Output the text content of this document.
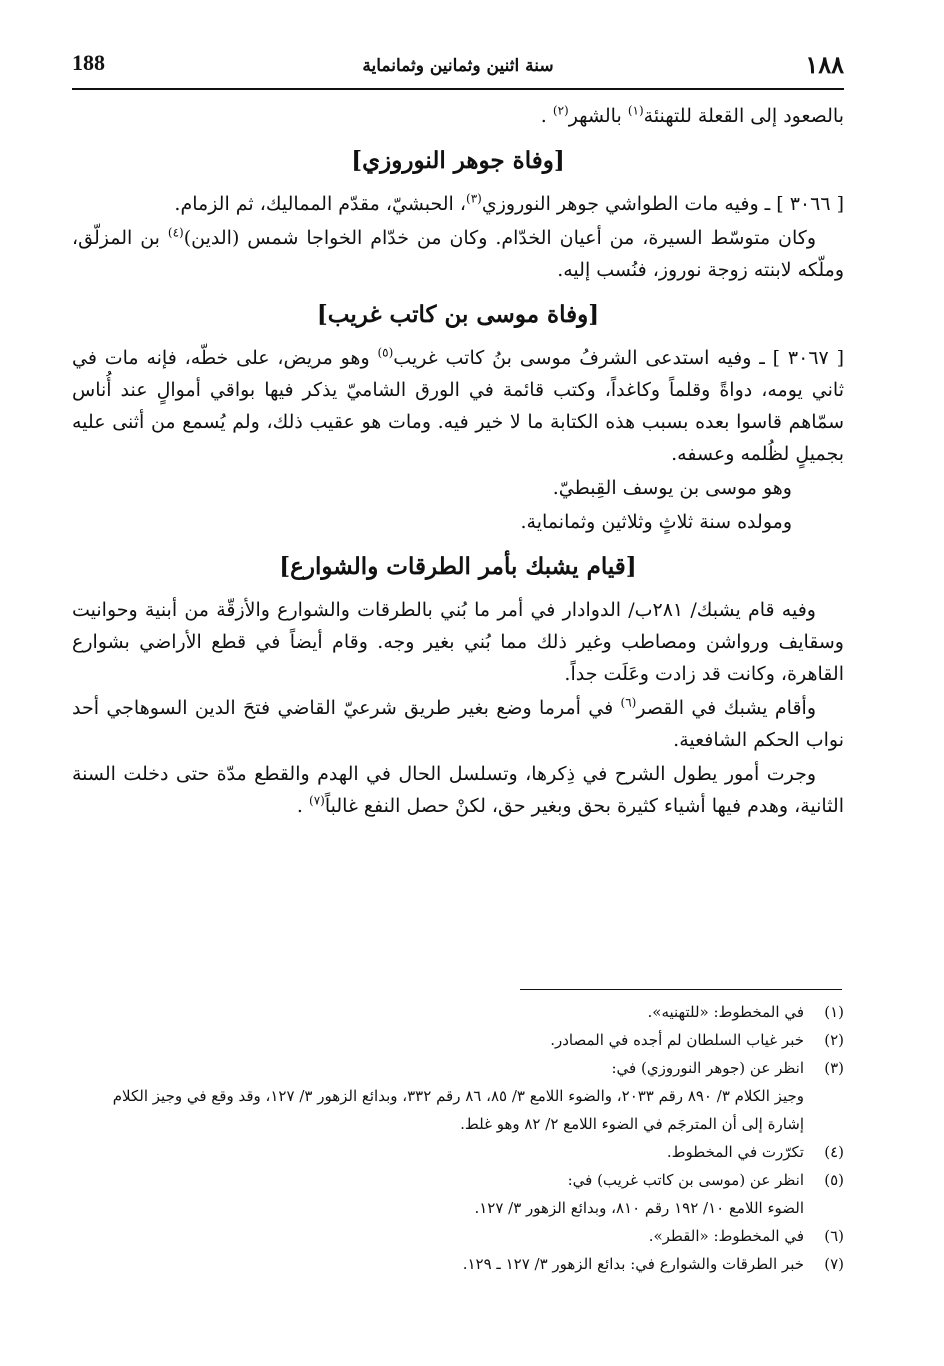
١٨٨
سنة اثنين وثمانين وثمانماية
188

بالصعود إلى القعلة للتهنئة$^{(١)}$ بالشهر$^{(٢)}$ .

[وفاة جوهر النوروزي]

[ ٣٠٦٦ ] ـ وفيه مات الطواشي جوهر النوروزي$^{(٣)}$، الحبشيّ، مقدّم المماليك، ثم الزمام.

وكان متوسّط السيرة، من أعيان الخدّام. وكان من خدّام الخواجا شمس (الدين)$^{(٤)}$ بن المزلّق، وملّكه لابنته زوجة نوروز، فنُسب إليه.

[وفاة موسى بن كاتب غريب]

[ ٣٠٦٧ ] ـ وفيه استدعى الشرفُ موسى بنُ كاتب غريب$^{(٥)}$ وهو مريض، على خطّه، فإنه مات في ثاني يومه، دواةً وقلماً وكاغداً، وكتب قائمة في الورق الشاميّ يذكر فيها بواقي أموالٍ عند أُناس سمّاهم قاسوا بعده بسبب هذه الكتابة ما لا خير فيه. ومات هو عقيب ذلك، ولم يُسمع من أثنى عليه بجميلٍ لظُلمه وعسفه.

وهو موسى بن يوسف القِبطيّ.

ومولده سنة ثلاثٍ وثلاثين وثمانماية.

[قيام يشبك بأمر الطرقات والشوارع]

وفيه قام يشبك/ ٢٨١ب/ الدوادار في أمر ما بُني بالطرقات والشوارع والأزقّة من أبنية وحوانيت وسقايف ورواشن ومصاطب وغير ذلك مما بُني بغير وجه. وقام أيضاً في قطع الأراضي بشوارع القاهرة، وكانت قد زادت وعَلَت جداً.

وأقام يشبك في القصر$^{(٦)}$ في أمرما وضع بغير طريق شرعيّ القاضي فتحَ الدين السوهاجي أحد نواب الحكم الشافعية.

وجرت أمور يطول الشرح في ذِكرها، وتسلسل الحال في الهدم والقطع مدّة حتى دخلت السنة الثانية، وهدم فيها أشياء كثيرة بحق وبغير حق، لكنْ حصل النفع غالباً$^{(٧)}$ .

(١)
في المخطوط: «للتهنيه».

(٢)
خبر غياب السلطان لم أجده في المصادر.

(٣)
انظر عن (جوهر النوروزي) في:
وجيز الكلام ٣/ ٨٩٠ رقم ٢٠٣٣، والضوء اللامع ٣/ ٨٥، ٨٦ رقم ٣٣٢، وبدائع الزهور ٣/ ١٢٧، وقد وقع في وجيز الكلام إشارة إلى أن المترجَم في الضوء اللامع ٢/ ٨٢ وهو غلط.

(٤)
تكرّرت في المخطوط.

(٥)
انظر عن (موسى بن كاتب غريب) في:
الضوء اللامع ١٠/ ١٩٢ رقم ٨١٠، وبدائع الزهور ٣/ ١٢٧.

(٦)
في المخطوط: «القطر».

(٧)
خبر الطرقات والشوارع في: بدائع الزهور ٣/ ١٢٧ ـ ١٢٩.
